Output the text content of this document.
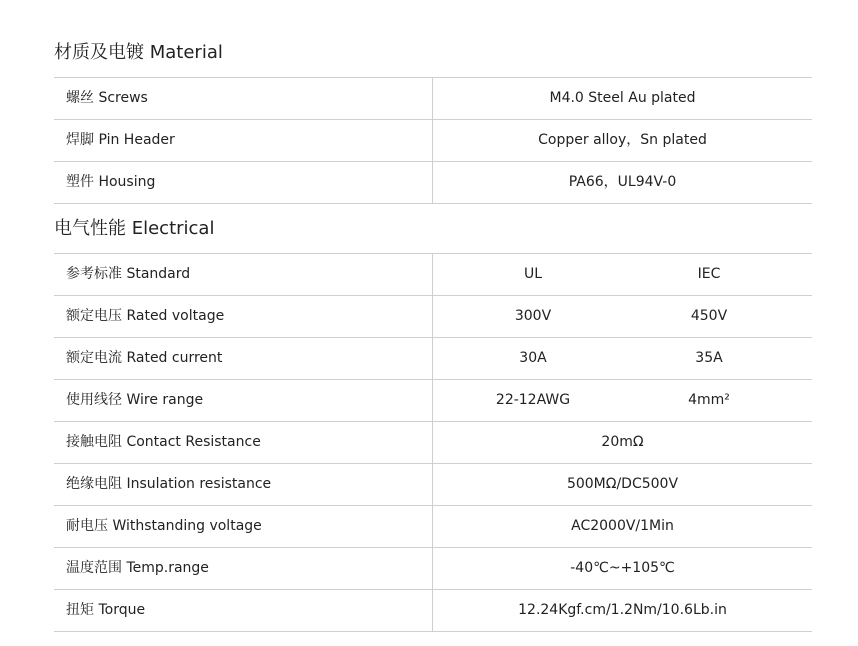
材质及电镀 Material
螺丝 Screws	M4.0 Steel Au plated
焊脚 Pin Header	Copper alloy，Sn plated
塑件 Housing	PA66，UL94V-0
电气性能 Electrical
参考标准 Standard	UL	IEC
额定电压 Rated voltage	300V	450V
额定电流 Rated current	30A	35A
使用线径 Wire range	22-12AWG	4mm²
接触电阻 Contact Resistance	20mΩ
绝缘电阻 Insulation resistance	500MΩ/DC500V
耐电压 Withstanding voltage	AC2000V/1Min
温度范围 Temp.range	-40℃~+105℃
扭矩 Torque	12.24Kgf.cm/1.2Nm/10.6Lb.in
